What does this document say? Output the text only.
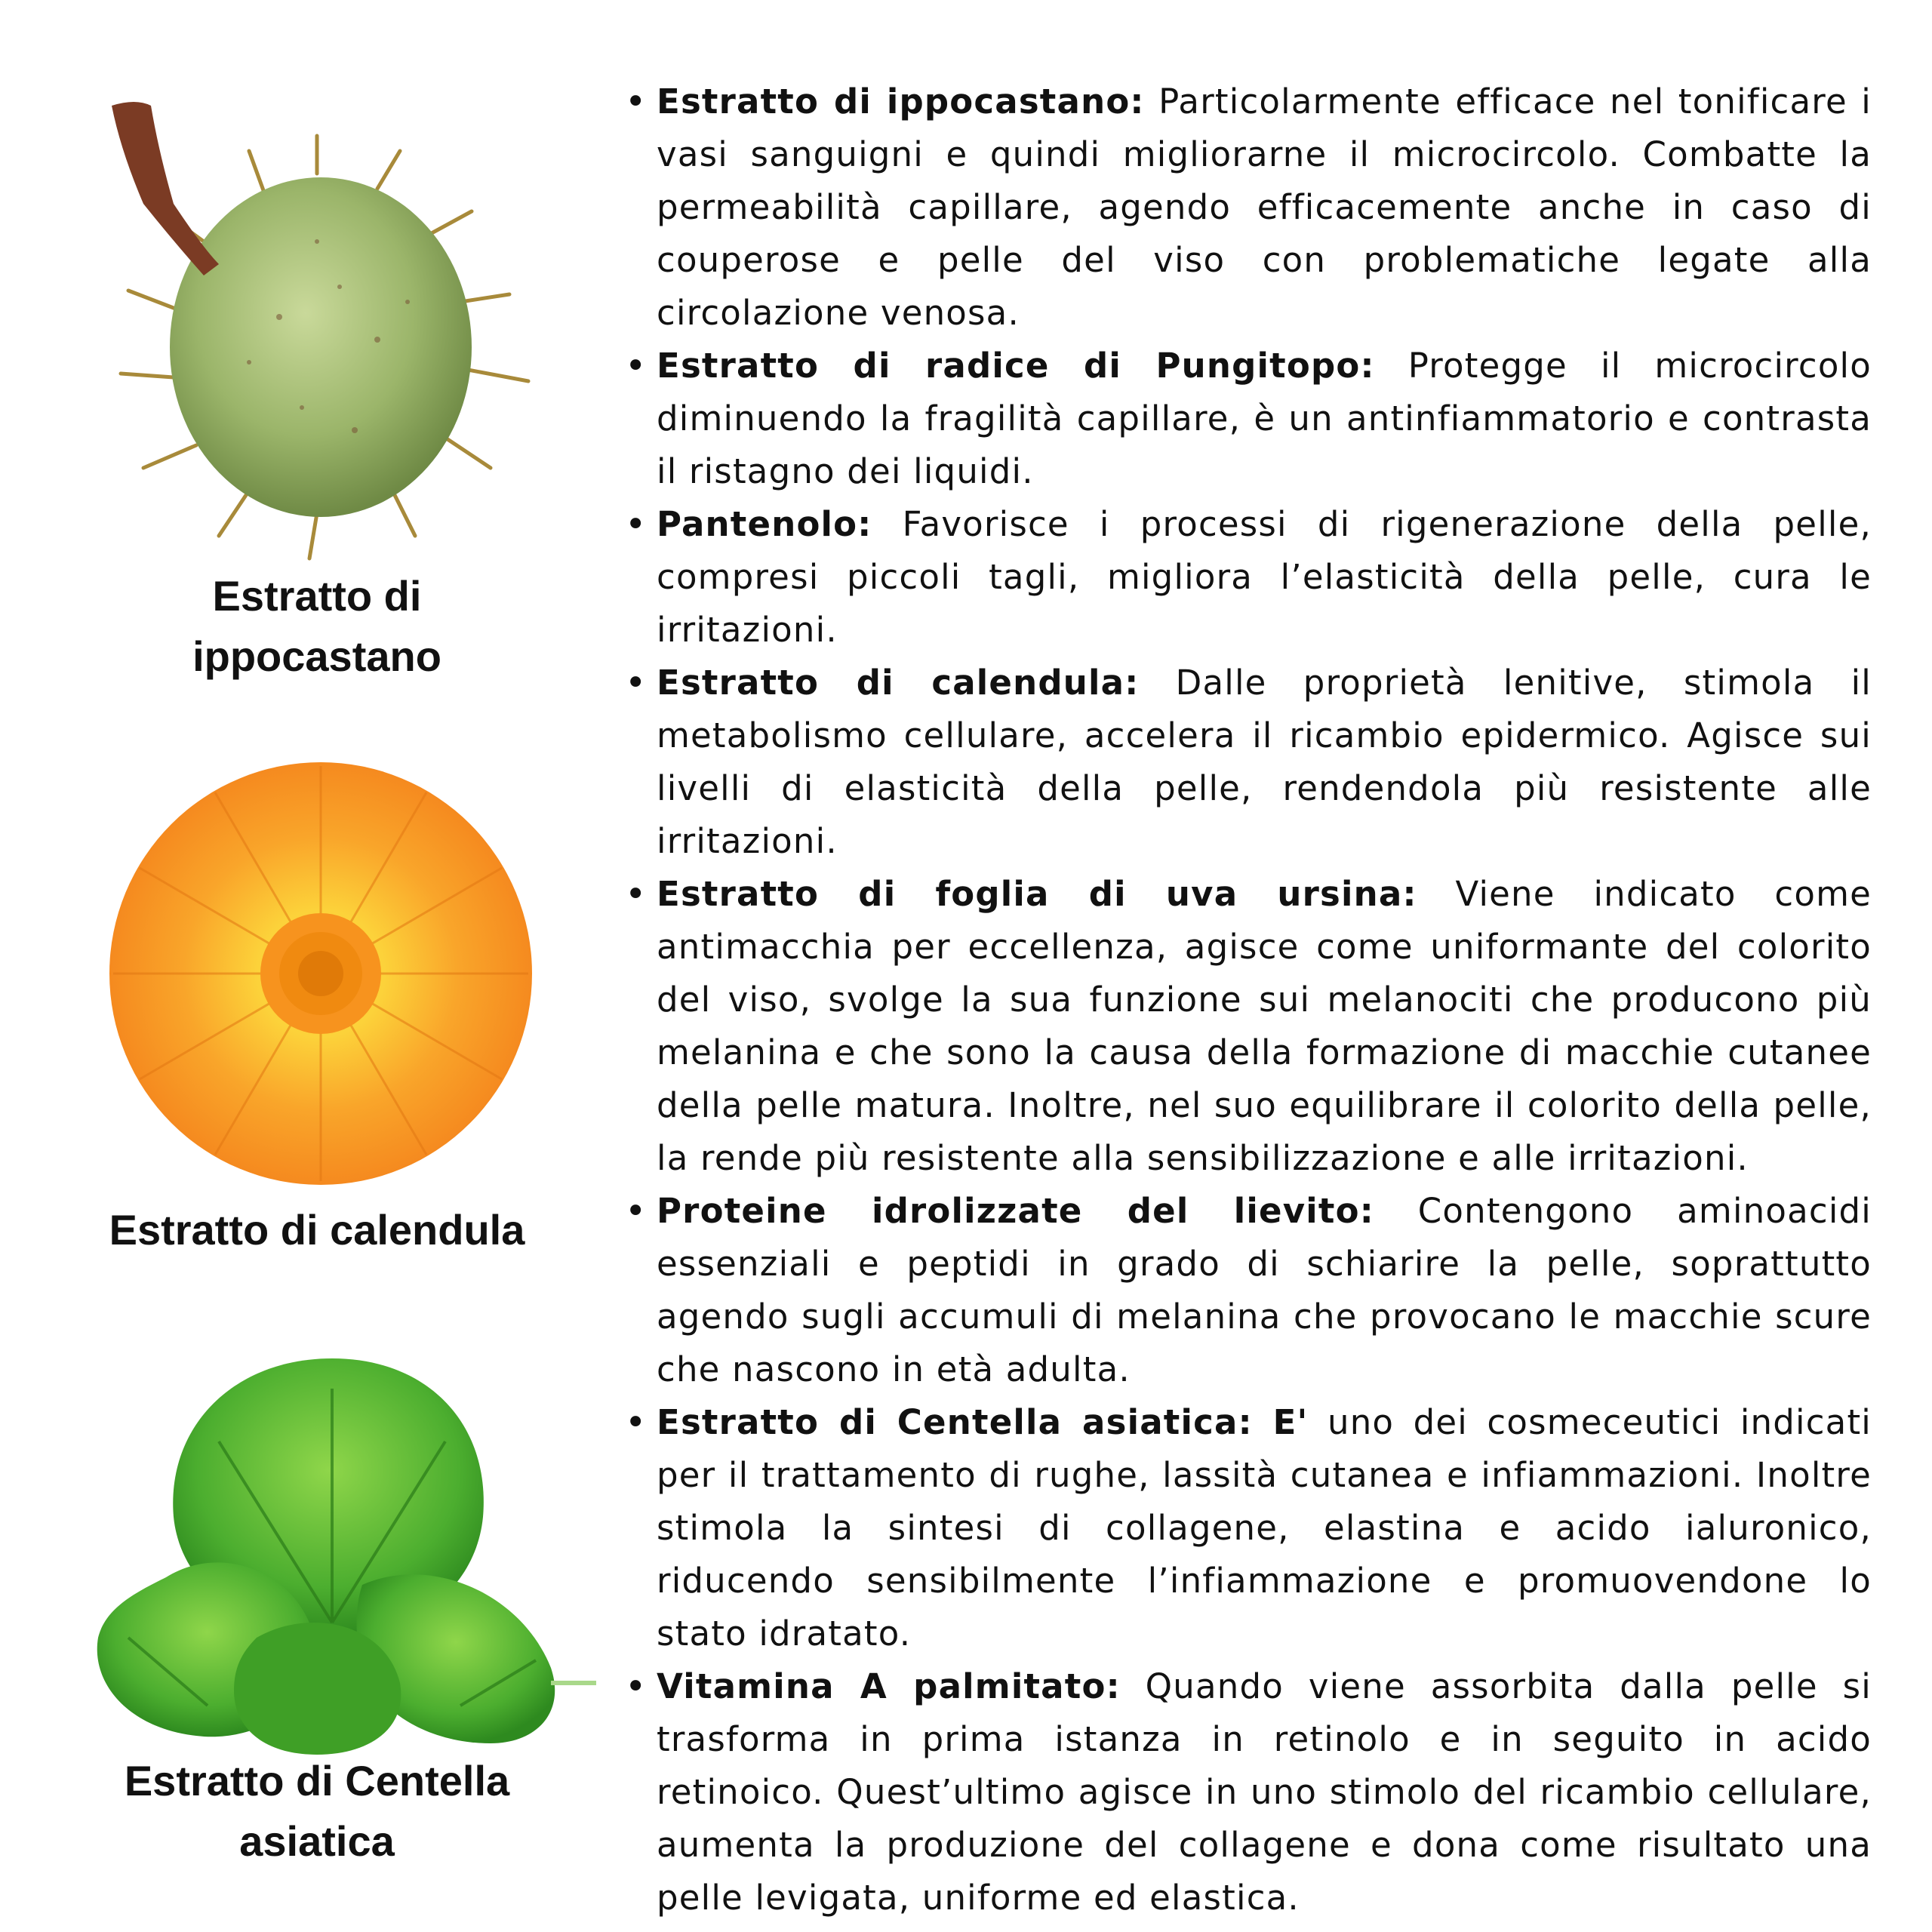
Estratto di
ippocastano
Estratto di calendula
Estratto di Centella
asiatica
• Estratto di ippocastano: Particolarmente efficace nel tonificare i vasi sanguigni e quindi migliorarne il microcircolo. Combatte la permeabilità capillare, agendo efficacemente anche in caso di couperose e pelle del viso con problematiche legate alla circolazione venosa.
• Estratto di radice di Pungitopo: Protegge il microcircolo diminuendo la fragilità capillare, è un antinfiammatorio e contrasta il ristagno dei liquidi.
• Pantenolo: Favorisce i processi di rigenerazione della pelle, compresi piccoli tagli, migliora l’elasticità della pelle, cura le irritazioni.
• Estratto di calendula: Dalle proprietà lenitive, stimola il metabolismo cellulare, accelera il ricambio epidermico. Agisce sui livelli di elasticità della pelle, rendendola più resistente alle irritazioni.
• Estratto di foglia di uva ursina: Viene indicato come antimacchia per eccellenza, agisce come uniformante del colorito del viso, svolge la sua funzione sui melanociti che producono più melanina e che sono la causa della formazione di macchie cutanee della pelle matura. Inoltre, nel suo equilibrare il colorito della pelle, la rende più resistente alla sensibilizzazione e alle irritazioni.
• Proteine idrolizzate del lievito: Contengono aminoacidi essenziali e peptidi in grado di schiarire la pelle, soprattutto agendo sugli accumuli di melanina che provocano le macchie scure che nascono in età adulta.
• Estratto di Centella asiatica: E' uno dei cosmeceutici indicati per il trattamento di rughe, lassità cutanea e infiammazioni. Inoltre stimola la sintesi di collagene, elastina e acido ialuronico, riducendo sensibilmente l’infiammazione e promuovendone lo stato idratato.
• Vitamina A palmitato: Quando viene assorbita dalla pelle si trasforma in prima istanza in retinolo e in seguito in acido retinoico. Quest’ultimo agisce in uno stimolo del ricambio cellulare, aumenta la produzione del collagene e dona come risultato una pelle levigata, uniforme ed elastica.
